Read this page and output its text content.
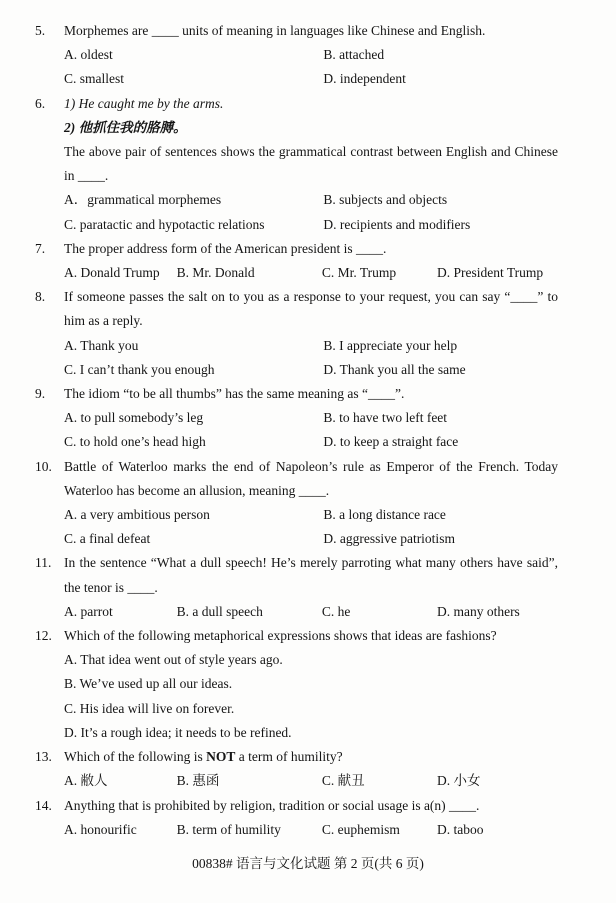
5.	Morphemes are ____ units of meaning in languages like Chinese and English.
A. oldest	B. attached
C. smallest	D. independent
6.	1) He caught me by the arms.
2) 他抓住我的胳膊。
The above pair of sentences shows the grammatical contrast between English and Chinese in ____.
A．grammatical morphemes	B. subjects and objects
C. paratactic and hypotactic relations	D. recipients and modifiers
7.	The proper address form of the American president is ____.
A. Donald Trump	B. Mr. Donald	C. Mr. Trump	D. President Trump
8.	If someone passes the salt on to you as a response to your request, you can say “____” to him as a reply.
A. Thank you	B. I appreciate your help
C. I can’t thank you enough	D. Thank you all the same
9.	The idiom “to be all thumbs” has the same meaning as “____”.
A. to pull somebody’s leg	B. to have two left feet
C. to hold one’s head high	D. to keep a straight face
10. Battle of Waterloo marks the end of Napoleon’s rule as Emperor of the French. Today Waterloo has become an allusion, meaning ____.
A. a very ambitious person	B. a long distance race
C. a final defeat	D. aggressive patriotism
11. In the sentence “What a dull speech! He’s merely parroting what many others have said”, the tenor is ____.
A. parrot	B. a dull speech	C. he	D. many others
12. Which of the following metaphorical expressions shows that ideas are fashions?
A. That idea went out of style years ago.
B. We’ve used up all our ideas.
C. His idea will live on forever.
D. It’s a rough idea; it needs to be refined.
13. Which of the following is NOT a term of humility?
A. 敝人	B. 惠函	C. 献丑	D. 小女
14. Anything that is prohibited by religion, tradition or social usage is a(n) ____.
A. honourific	B. term of humility	C. euphemism	D. taboo
00838# 语言与文化试题 第 2 页(共 6 页)
